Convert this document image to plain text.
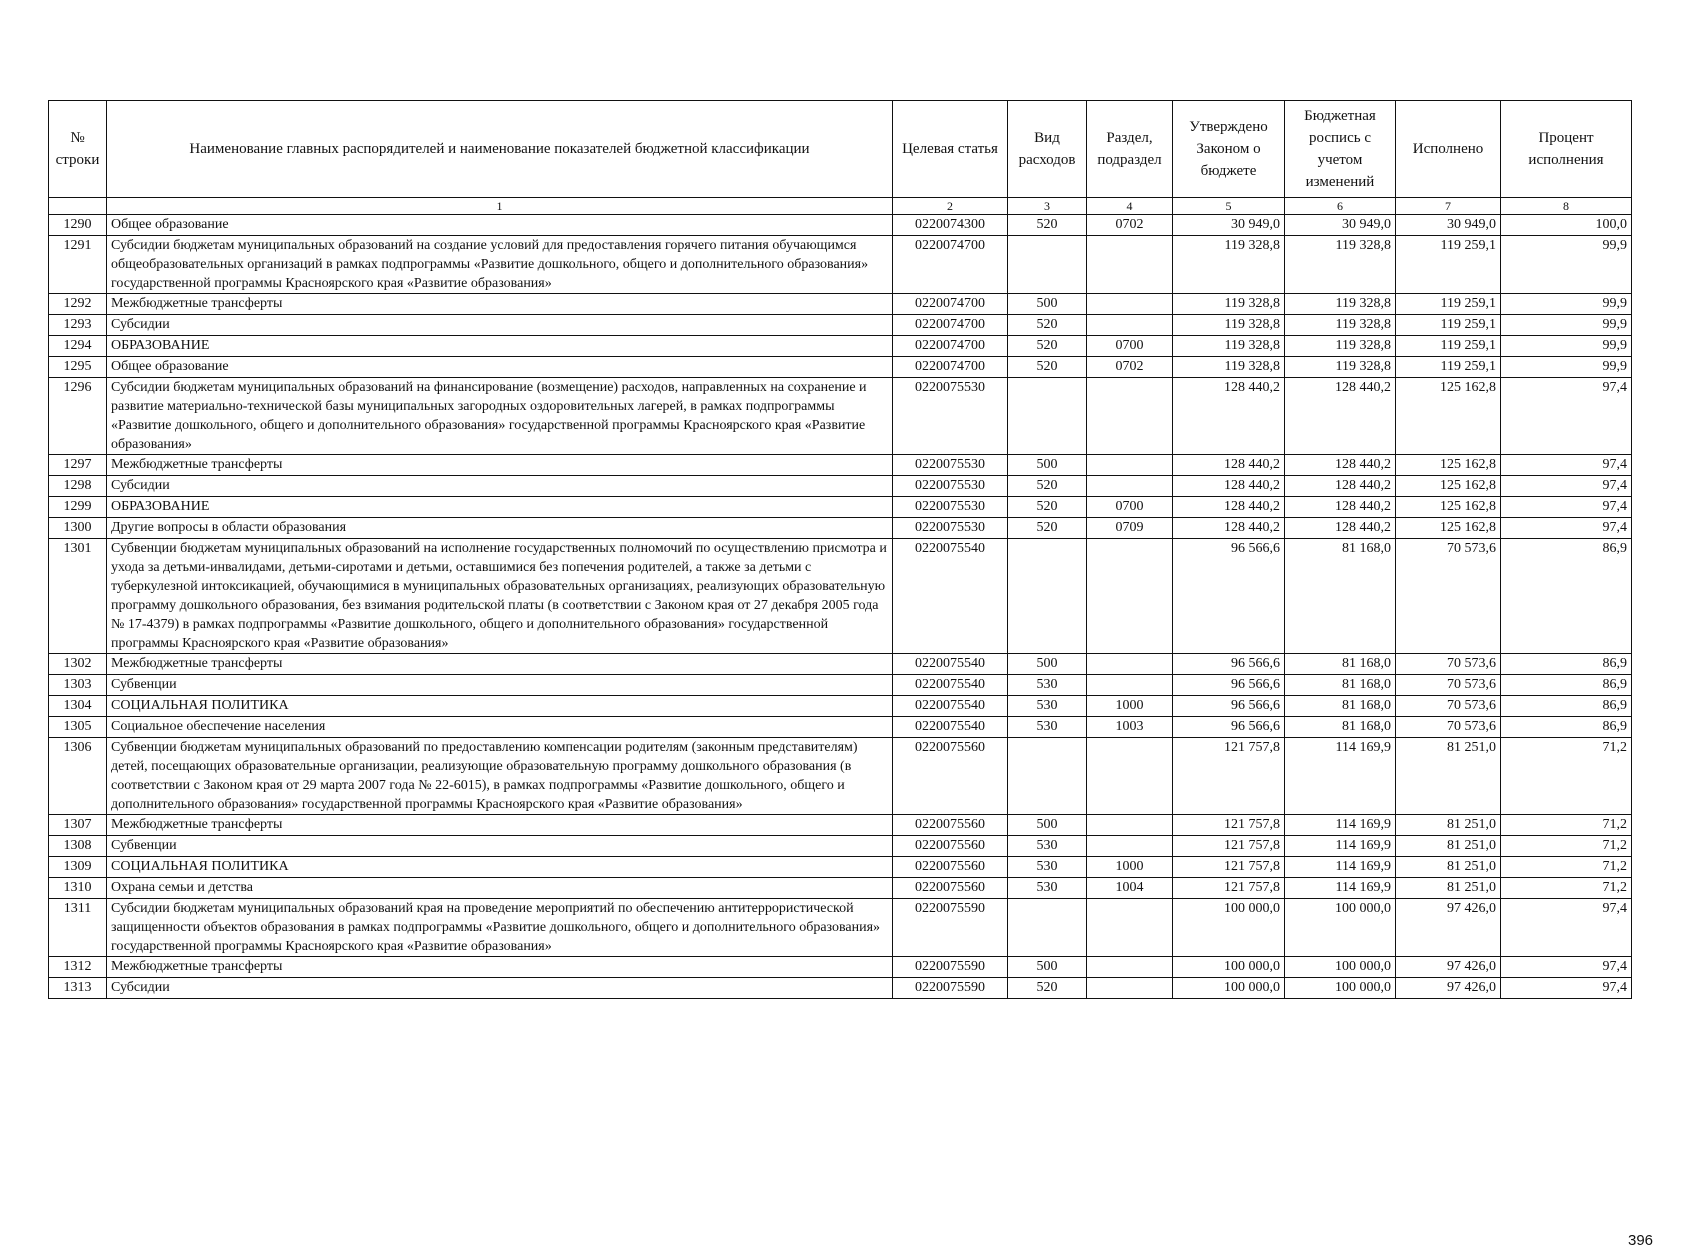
№ строки	Наименование главных распорядителей и наименование показателей бюджетной классификации	Целевая статья	Вид расходов	Раздел, подраздел	Утверждено Законом о бюджете	Бюджетная роспись с учетом изменений	Исполнено	Процент исполнения
	1	2	3	4	5	6	7	8
1290	Общее образование	0220074300	520	0702	30 949,0	30 949,0	30 949,0	100,0
1291	Субсидии бюджетам муниципальных образований на создание условий для предоставления горячего питания обучающимся общеобразовательных организаций в рамках подпрограммы «Развитие дошкольного, общего и дополнительного образования» государственной программы Красноярского края «Развитие образования»	0220074700			119 328,8	119 328,8	119 259,1	99,9
1292	Межбюджетные трансферты	0220074700	500		119 328,8	119 328,8	119 259,1	99,9
1293	Субсидии	0220074700	520		119 328,8	119 328,8	119 259,1	99,9
1294	ОБРАЗОВАНИЕ	0220074700	520	0700	119 328,8	119 328,8	119 259,1	99,9
1295	Общее образование	0220074700	520	0702	119 328,8	119 328,8	119 259,1	99,9
1296	Субсидии бюджетам муниципальных образований на финансирование (возмещение) расходов, направленных на сохранение и развитие материально-технической базы муниципальных загородных оздоровительных лагерей, в рамках подпрограммы «Развитие дошкольного, общего и дополнительного образования» государственной программы Красноярского края «Развитие образования»	0220075530			128 440,2	128 440,2	125 162,8	97,4
1297	Межбюджетные трансферты	0220075530	500		128 440,2	128 440,2	125 162,8	97,4
1298	Субсидии	0220075530	520		128 440,2	128 440,2	125 162,8	97,4
1299	ОБРАЗОВАНИЕ	0220075530	520	0700	128 440,2	128 440,2	125 162,8	97,4
1300	Другие вопросы в области образования	0220075530	520	0709	128 440,2	128 440,2	125 162,8	97,4
1301	Субвенции бюджетам муниципальных образований на исполнение государственных полномочий по осуществлению присмотра и ухода за детьми-инвалидами, детьми-сиротами и детьми, оставшимися без попечения родителей, а также за детьми с туберкулезной интоксикацией, обучающимися в муниципальных образовательных организациях, реализующих образовательную программу дошкольного образования, без взимания родительской платы (в соответствии с Законом края от 27 декабря 2005 года № 17-4379) в рамках подпрограммы «Развитие дошкольного, общего и дополнительного образования» государственной программы Красноярского края «Развитие образования»	0220075540			96 566,6	81 168,0	70 573,6	86,9
1302	Межбюджетные трансферты	0220075540	500		96 566,6	81 168,0	70 573,6	86,9
1303	Субвенции	0220075540	530		96 566,6	81 168,0	70 573,6	86,9
1304	СОЦИАЛЬНАЯ ПОЛИТИКА	0220075540	530	1000	96 566,6	81 168,0	70 573,6	86,9
1305	Социальное обеспечение населения	0220075540	530	1003	96 566,6	81 168,0	70 573,6	86,9
1306	Субвенции бюджетам муниципальных образований по предоставлению компенсации родителям (законным представителям) детей, посещающих образовательные организации, реализующие образовательную программу дошкольного образования (в соответствии с Законом края от 29 марта 2007 года № 22-6015), в рамках подпрограммы «Развитие дошкольного, общего и дополнительного образования» государственной программы Красноярского края «Развитие образования»	0220075560			121 757,8	114 169,9	81 251,0	71,2
1307	Межбюджетные трансферты	0220075560	500		121 757,8	114 169,9	81 251,0	71,2
1308	Субвенции	0220075560	530		121 757,8	114 169,9	81 251,0	71,2
1309	СОЦИАЛЬНАЯ ПОЛИТИКА	0220075560	530	1000	121 757,8	114 169,9	81 251,0	71,2
1310	Охрана семьи и детства	0220075560	530	1004	121 757,8	114 169,9	81 251,0	71,2
1311	Субсидии бюджетам муниципальных образований края на проведение мероприятий по обеспечению антитеррористической защищенности объектов образования в рамках подпрограммы «Развитие дошкольного, общего и дополнительного образования» государственной программы Красноярского края «Развитие образования»	0220075590			100 000,0	100 000,0	97 426,0	97,4
1312	Межбюджетные трансферты	0220075590	500		100 000,0	100 000,0	97 426,0	97,4
1313	Субсидии	0220075590	520		100 000,0	100 000,0	97 426,0	97,4
396
